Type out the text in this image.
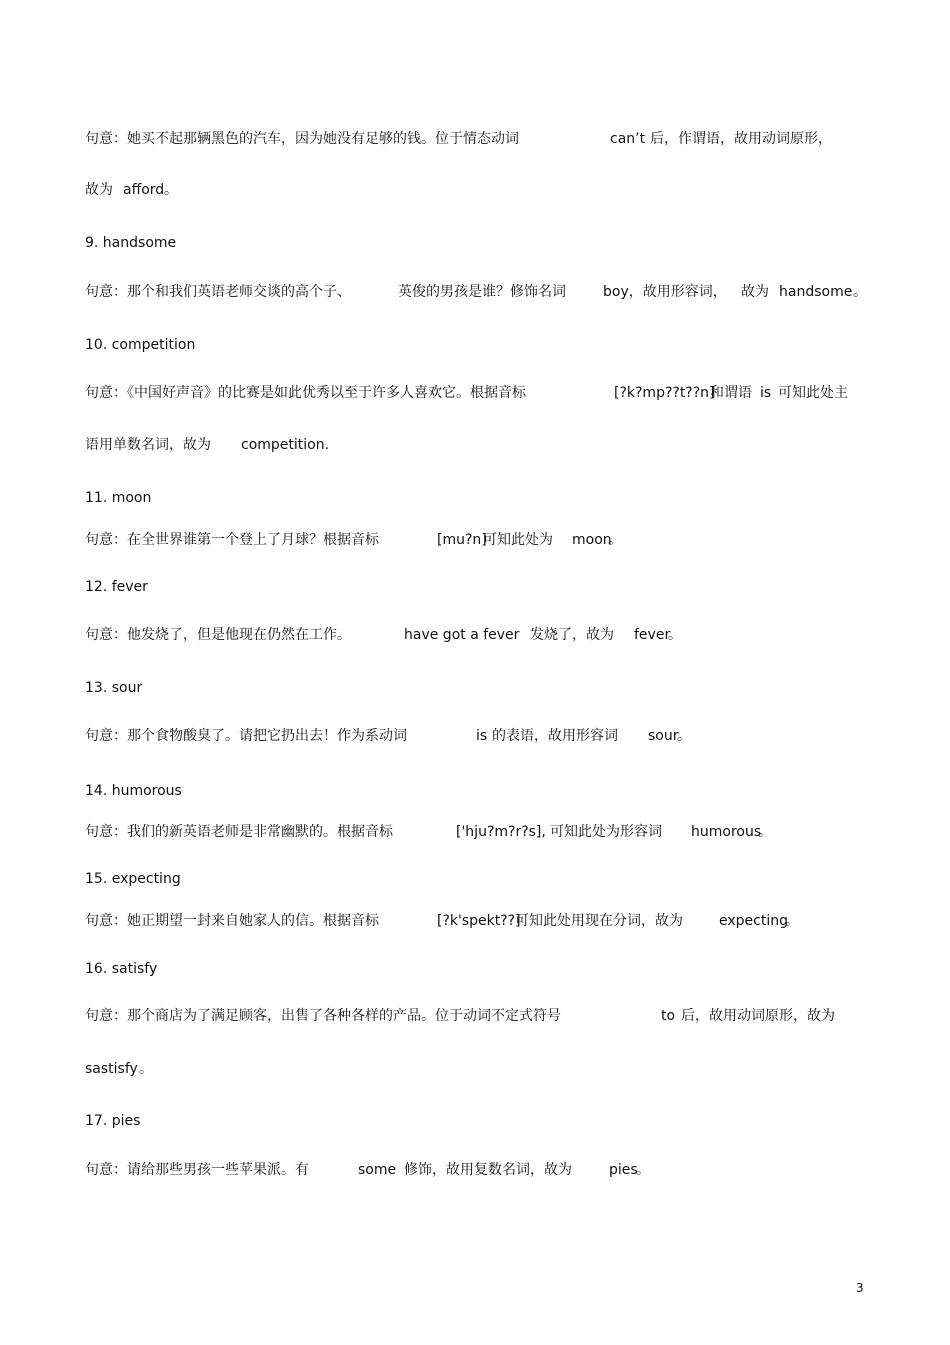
句意：她买不起那辆黑色的汽车，因为她没有足够的钱。位于情态动词	can’t 后，作谓语，故用动词原形，
故为 afford 。
9. handsome
句意：那个和我们英语老师交谈的高个子、	英俊的男孩是谁？修饰名词	boy，故用形容词， 故为 handsome 。
10. competition
句意：《中国好声音》的比赛是如此优秀以至于许多人喜欢它。根据音标	[?k?mp??t??n]
和谓语 is 可知此处主
语用单数名词，故为 competition.
11. moon
句意：在全世界谁第一个登上了月球？根据音标	[mu?n]
可知此处为 moon
。
12. fever
句意：他发烧了，但是他现在仍然在工作。	have got a fever 发烧了，故为 fever
。
13. sour
句意：那个食物酸臭了。请把它扔出去！作为系动词	is 的表语，故用形容词 sour
。
14. humorous
句意：我们的新英语老师是非常幽默的。根据音标	['hju?m?r?s], 可知此处为形容词 humorous
。
15. expecting
句意：她正期望一封来自她家人的信。根据音标	[?k'spekt??]
可知此处用现在分词，故为	expecting
。
16. satisfy
句意：那个商店为了满足顾客，出售了各种各样的产品。位于动词不定式符号	to 后，故用动词原形，故为
sastisfy 。
17. pies
句意：请给那些男孩一些苹果派。有	some 修饰，故用复数名词，故为	pies
。
3
